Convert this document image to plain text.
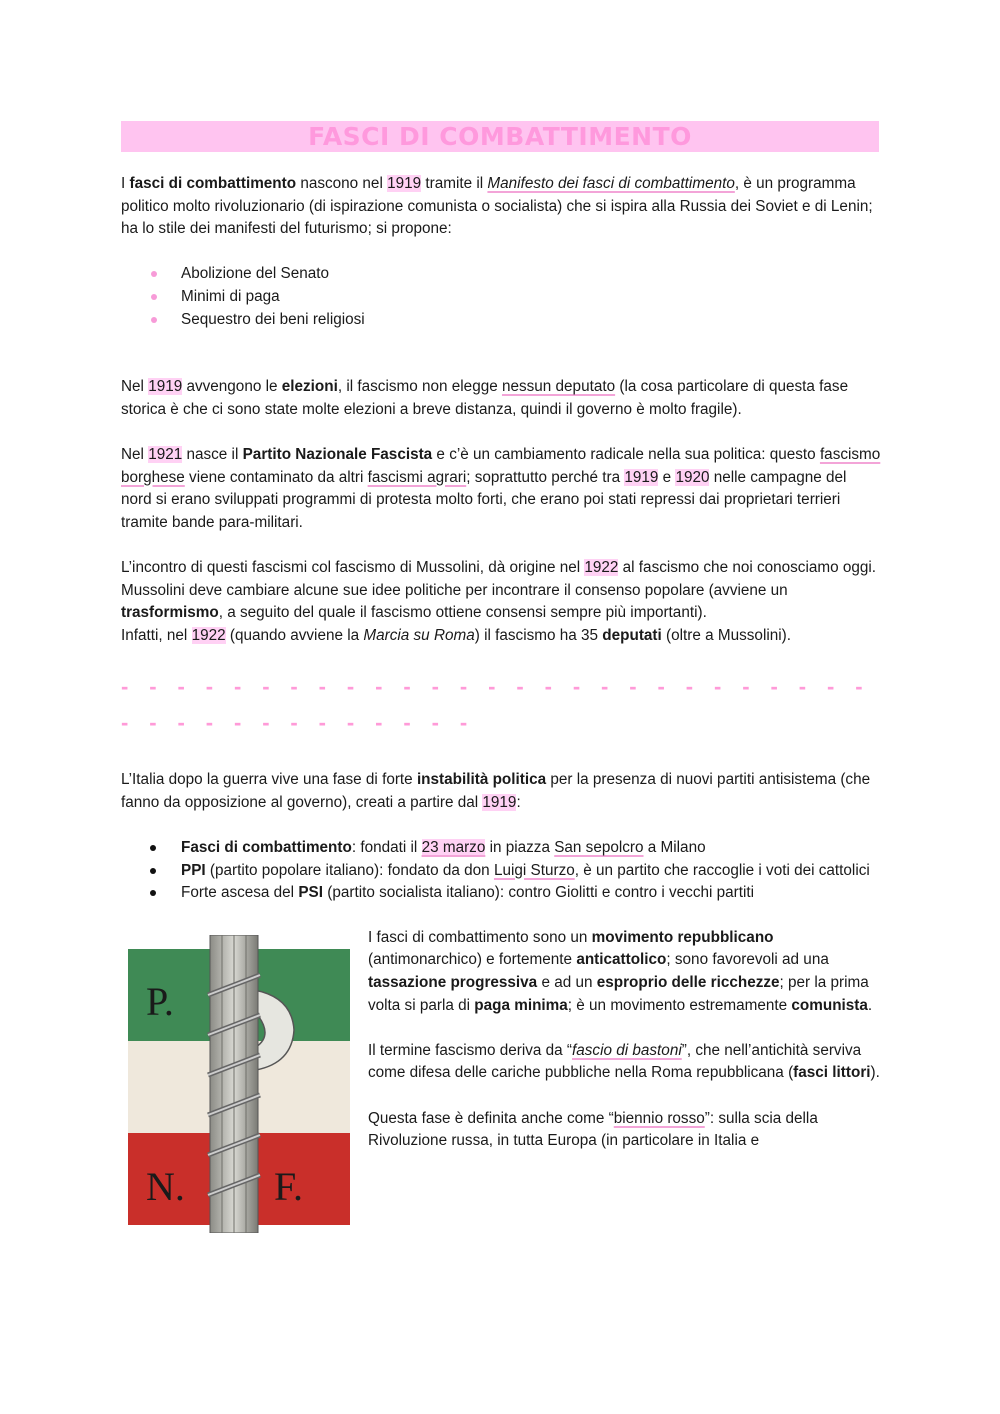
FASCI DI COMBATTIMENTO

I fasci di combattimento nascono nel 1919 tramite il Manifesto dei fasci di combattimento, è un programma politico molto rivoluzionario (di ispirazione comunista o socialista) che si ispira alla Russia dei Soviet e di Lenin; ha lo stile dei manifesti del futurismo; si propone:

Abolizione del Senato
Minimi di paga
Sequestro dei beni religiosi

Nel 1919 avvengono le elezioni, il fascismo non elegge nessun deputato (la cosa particolare di questa fase storica è che ci sono state molte elezioni a breve distanza, quindi il governo è molto fragile).

Nel 1921 nasce il Partito Nazionale Fascista e c’è un cambiamento radicale nella sua politica: questo fascismo borghese viene contaminato da altri fascismi agrari; soprattutto perché tra 1919 e 1920 nelle campagne del nord si erano sviluppati programmi di protesta molto forti, che erano poi stati repressi dai proprietari terrieri tramite bande para-militari.

L’incontro di questi fascismi col fascismo di Mussolini, dà origine nel 1922 al fascismo che noi conosciamo oggi.

Mussolini deve cambiare alcune sue idee politiche per incontrare il consenso popolare (avviene un trasformismo, a seguito del quale il fascismo ottiene consensi sempre più importanti).

Infatti, nel 1922 (quando avviene la Marcia su Roma) il fascismo ha 35 deputati (oltre a Mussolini).

- - - - - - - - - - - - - - - - - - - - - - - - - - - - - - - - - - - - - - - -

L’Italia dopo la guerra vive una fase di forte instabilità politica per la presenza di nuovi partiti antisistema (che fanno da opposizione al governo), creati a partire dal 1919:

Fasci di combattimento: fondati il 23 marzo in piazza San sepolcro a Milano
PPI (partito popolare italiano): fondato da don Luigi Sturzo, è un partito che raccoglie i voti dei cattolici
Forte ascesa del PSI (partito socialista italiano): contro Giolitti e contro i vecchi partiti
P.
N. F.

I fasci di combattimento sono un movimento repubblicano (antimonarchico) e fortemente anticattolico; sono favorevoli ad una tassazione progressiva e ad un esproprio delle ricchezze; per la prima volta si parla di paga minima; è un movimento estremamente comunista.

Il termine fascismo deriva da “fascio di bastoni”, che nell’antichità serviva come difesa delle cariche pubbliche nella Roma repubblicana (fasci littori).

Questa fase è definita anche come “biennio rosso”: sulla scia della Rivoluzione russa, in tutta Europa (in particolare in Italia e
